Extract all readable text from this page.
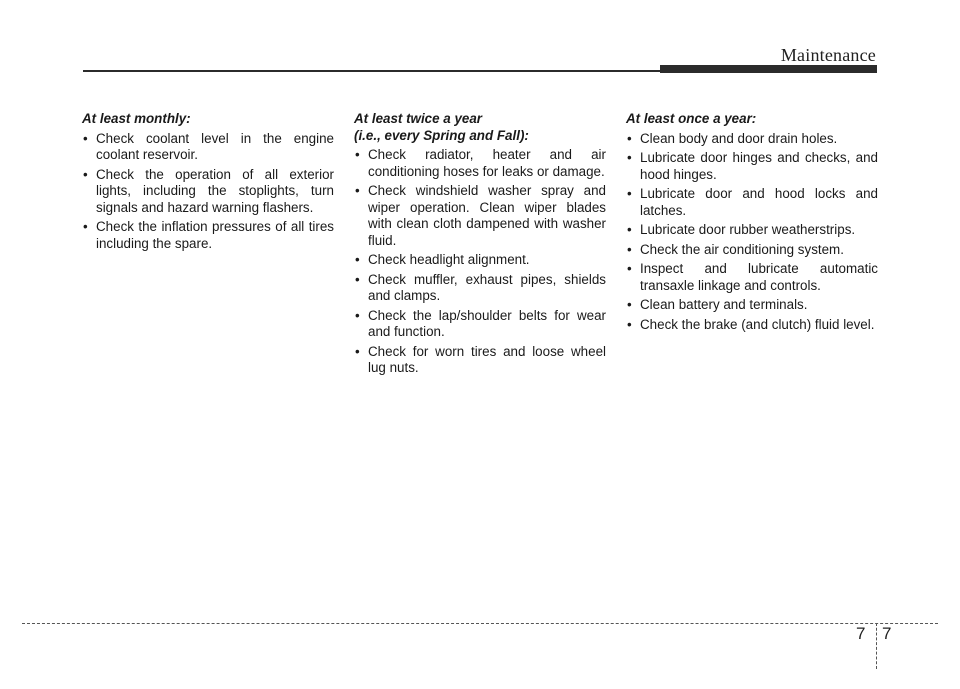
Maintenance
At least monthly:
• Check coolant level in the engine coolant reservoir.
• Check the operation of all exterior lights, including the stoplights, turn signals and hazard warning flashers.
• Check the inflation pressures of all tires including the spare.
At least twice a year
(i.e., every Spring and Fall):
• Check radiator, heater and air conditioning hoses for leaks or damage.
• Check windshield washer spray and wiper operation. Clean wiper blades with clean cloth dampened with washer fluid.
• Check headlight alignment.
• Check muffler, exhaust pipes, shields and clamps.
• Check the lap/shoulder belts for wear and function.
• Check for worn tires and loose wheel lug nuts.
At least once a year:
• Clean body and door drain holes.
• Lubricate door hinges and checks, and hood hinges.
• Lubricate door and hood locks and latches.
• Lubricate door rubber weatherstrips.
• Check the air conditioning system.
• Inspect and lubricate automatic transaxle linkage and controls.
• Clean battery and terminals.
• Check the brake (and clutch) fluid level.
7 7
